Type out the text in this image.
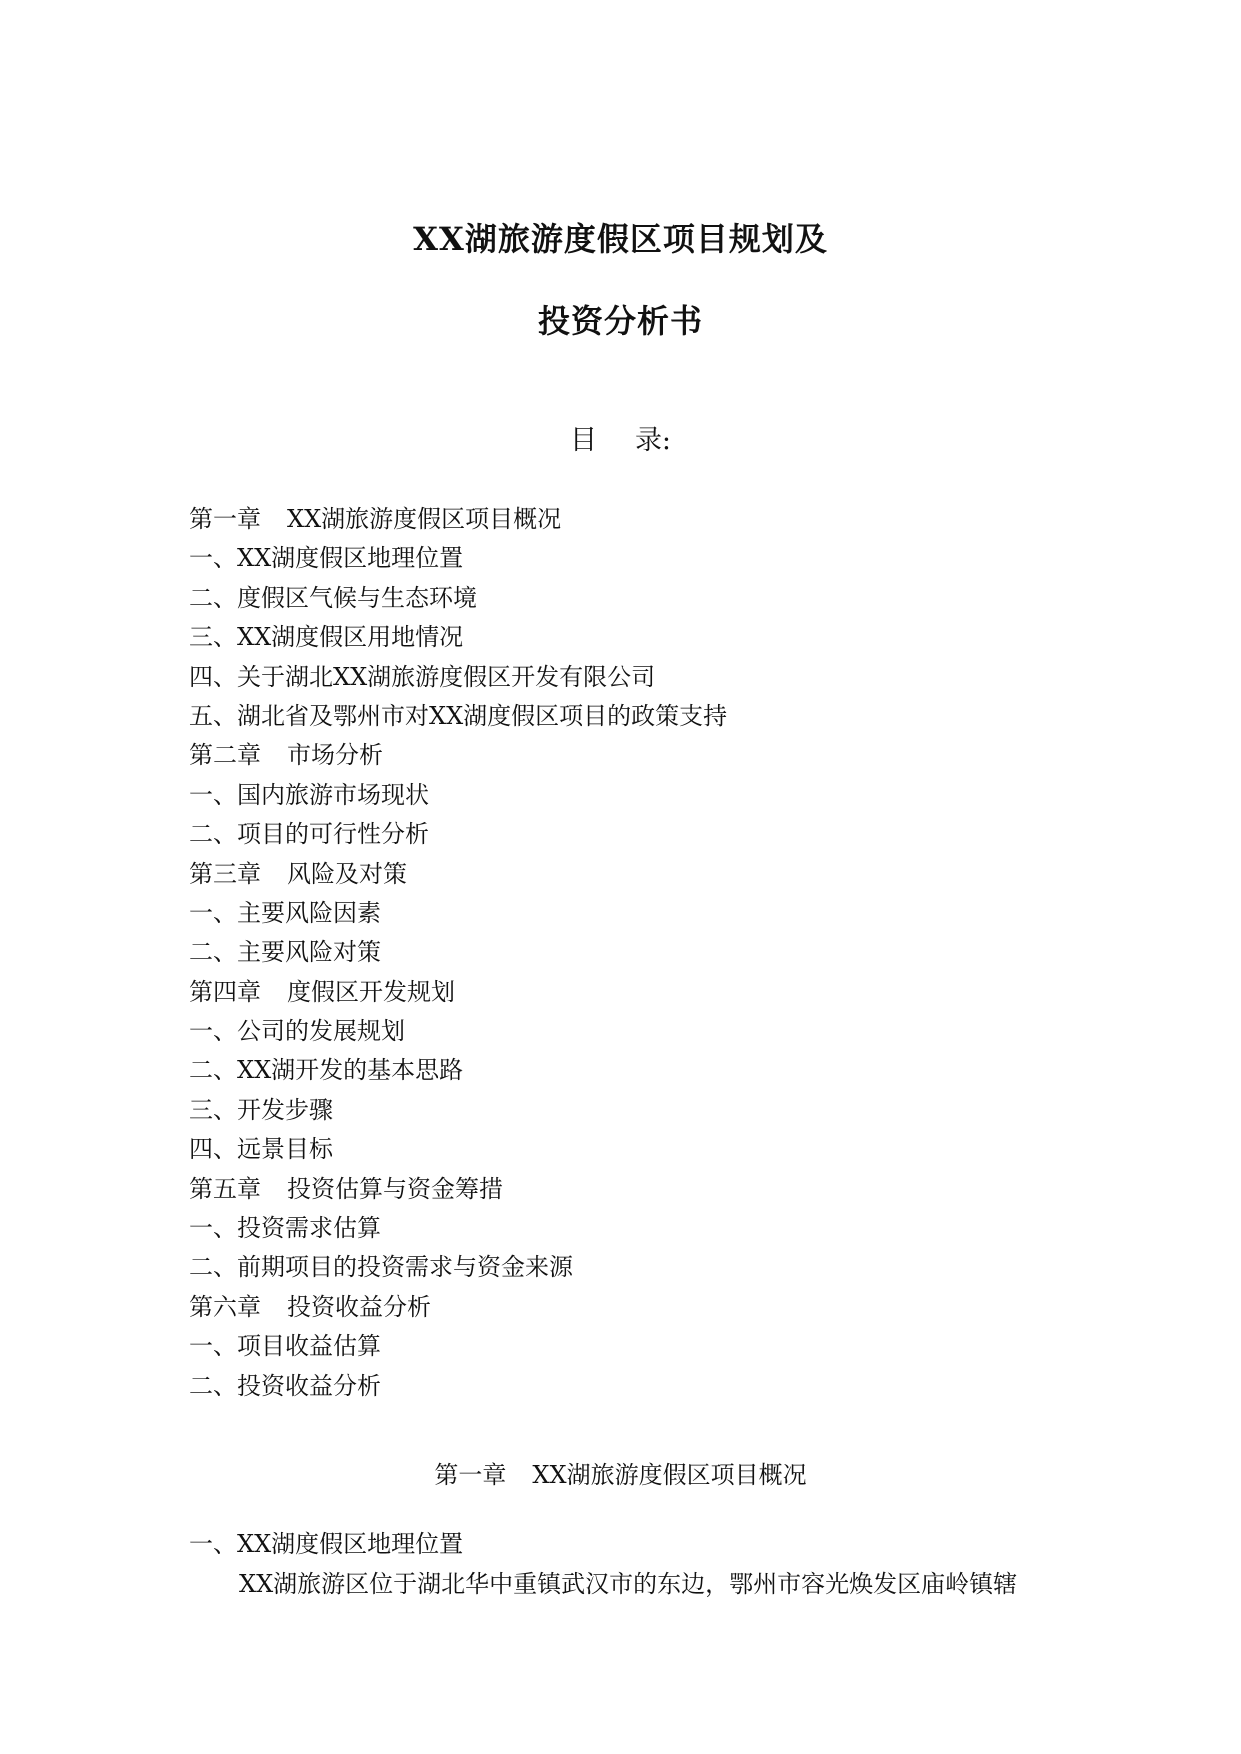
XX湖旅游度假区项目规划及
投资分析书
目 录:
第一章 XX湖旅游度假区项目概况
一、XX湖度假区地理位置
二、度假区气候与生态环境
三、XX湖度假区用地情况
四、关于湖北XX湖旅游度假区开发有限公司
五、湖北省及鄂州市对XX湖度假区项目的政策支持
第二章 市场分析
一、国内旅游市场现状
二、项目的可行性分析
第三章 风险及对策
一、主要风险因素
二、主要风险对策
第四章 度假区开发规划
一、公司的发展规划
二、XX湖开发的基本思路
三、开发步骤
四、远景目标
第五章 投资估算与资金筹措
一、投资需求估算
二、前期项目的投资需求与资金来源
第六章 投资收益分析
一、项目收益估算
二、投资收益分析
第一章 XX湖旅游度假区项目概况
一、XX湖度假区地理位置
XX湖旅游区位于湖北华中重镇武汉市的东边，鄂州市容光焕发区庙岭镇辖
